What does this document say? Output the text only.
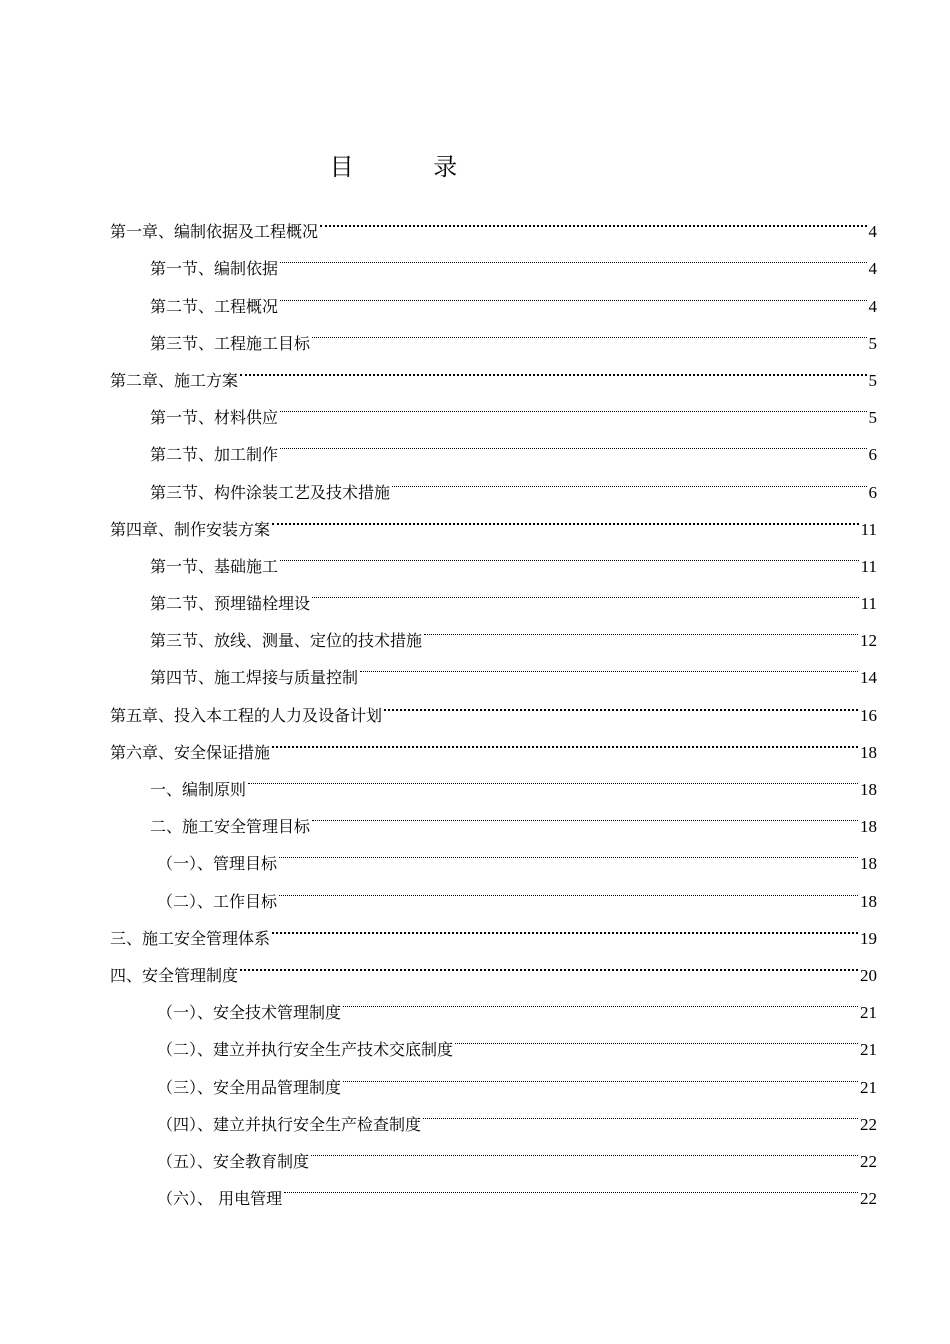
目 录
第一章、编制依据及工程概况	4
第一节、编制依据	4
第二节、工程概况	4
第三节、工程施工目标	5
第二章、施工方案	5
第一节、材料供应	5
第二节、加工制作	6
第三节、构件涂装工艺及技术措施	6
第四章、制作安装方案	11
第一节、基础施工	11
第二节、预埋锚栓埋设	11
第三节、放线、测量、定位的技术措施	12
第四节、施工焊接与质量控制	14
第五章、投入本工程的人力及设备计划	16
第六章、安全保证措施	18
一、编制原则	18
二、施工安全管理目标	18
（一）、管理目标	18
（二）、工作目标	18
三、施工安全管理体系	19
四、安全管理制度	20
（一）、安全技术管理制度	21
（二）、建立并执行安全生产技术交底制度	21
（三）、安全用品管理制度	21
（四）、建立并执行安全生产检查制度	22
（五）、安全教育制度	22
（六）、 用电管理	22
